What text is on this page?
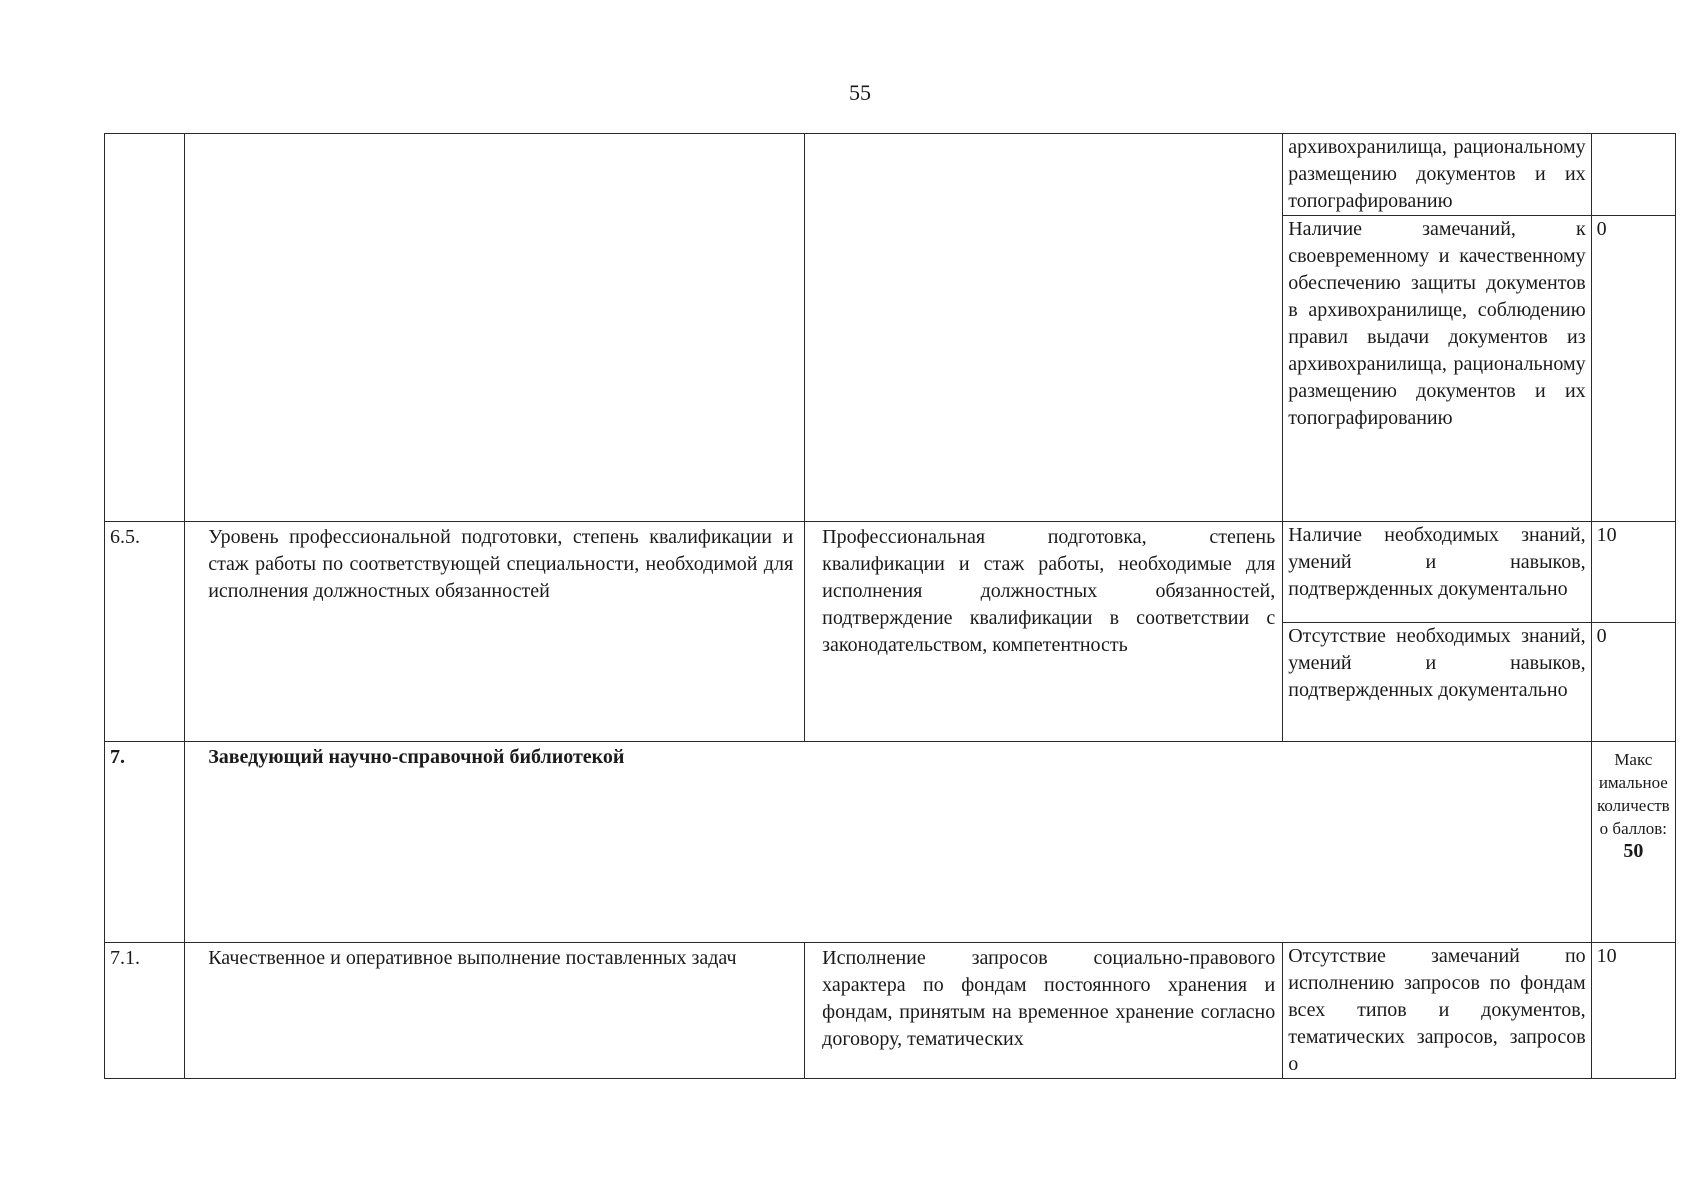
55

			архивохранилища, рациональному размещению документов и их топографированию	

			Наличие замечаний, к своевременному и качественному обеспечению защиты документов в архивохранилище, соблюдению правил выдачи документов из архивохранилища, рациональному размещению документов и их топографированию	0

6.5.	Уровень профессиональной подготовки, степень квалификации и стаж работы по соответствующей специальности, необходимой для исполнения должностных обязанностей	Профессиональная подготовка, степень квалификации и стаж работы, необходимые для исполнения должностных обязанностей, подтверждение квалификации в соответствии с законодательством, компетентность	Наличие необходимых знаний, умений и навыков, подтвержденных документально	10

			Отсутствие необходимых знаний, умений и навыков, подтвержденных документально	0

7.	Заведующий научно-справочной библиотекой			Макс имальное количество баллов:
50

7.1.	Качественное и оперативное выполнение поставленных задач	Исполнение запросов социально-правового характера по фондам постоянного хранения и фондам, принятым на временное хранение согласно договору, тематических	Отсутствие замечаний по исполнению запросов по фондам всех типов и документов, тематических запросов, запросов о	10
